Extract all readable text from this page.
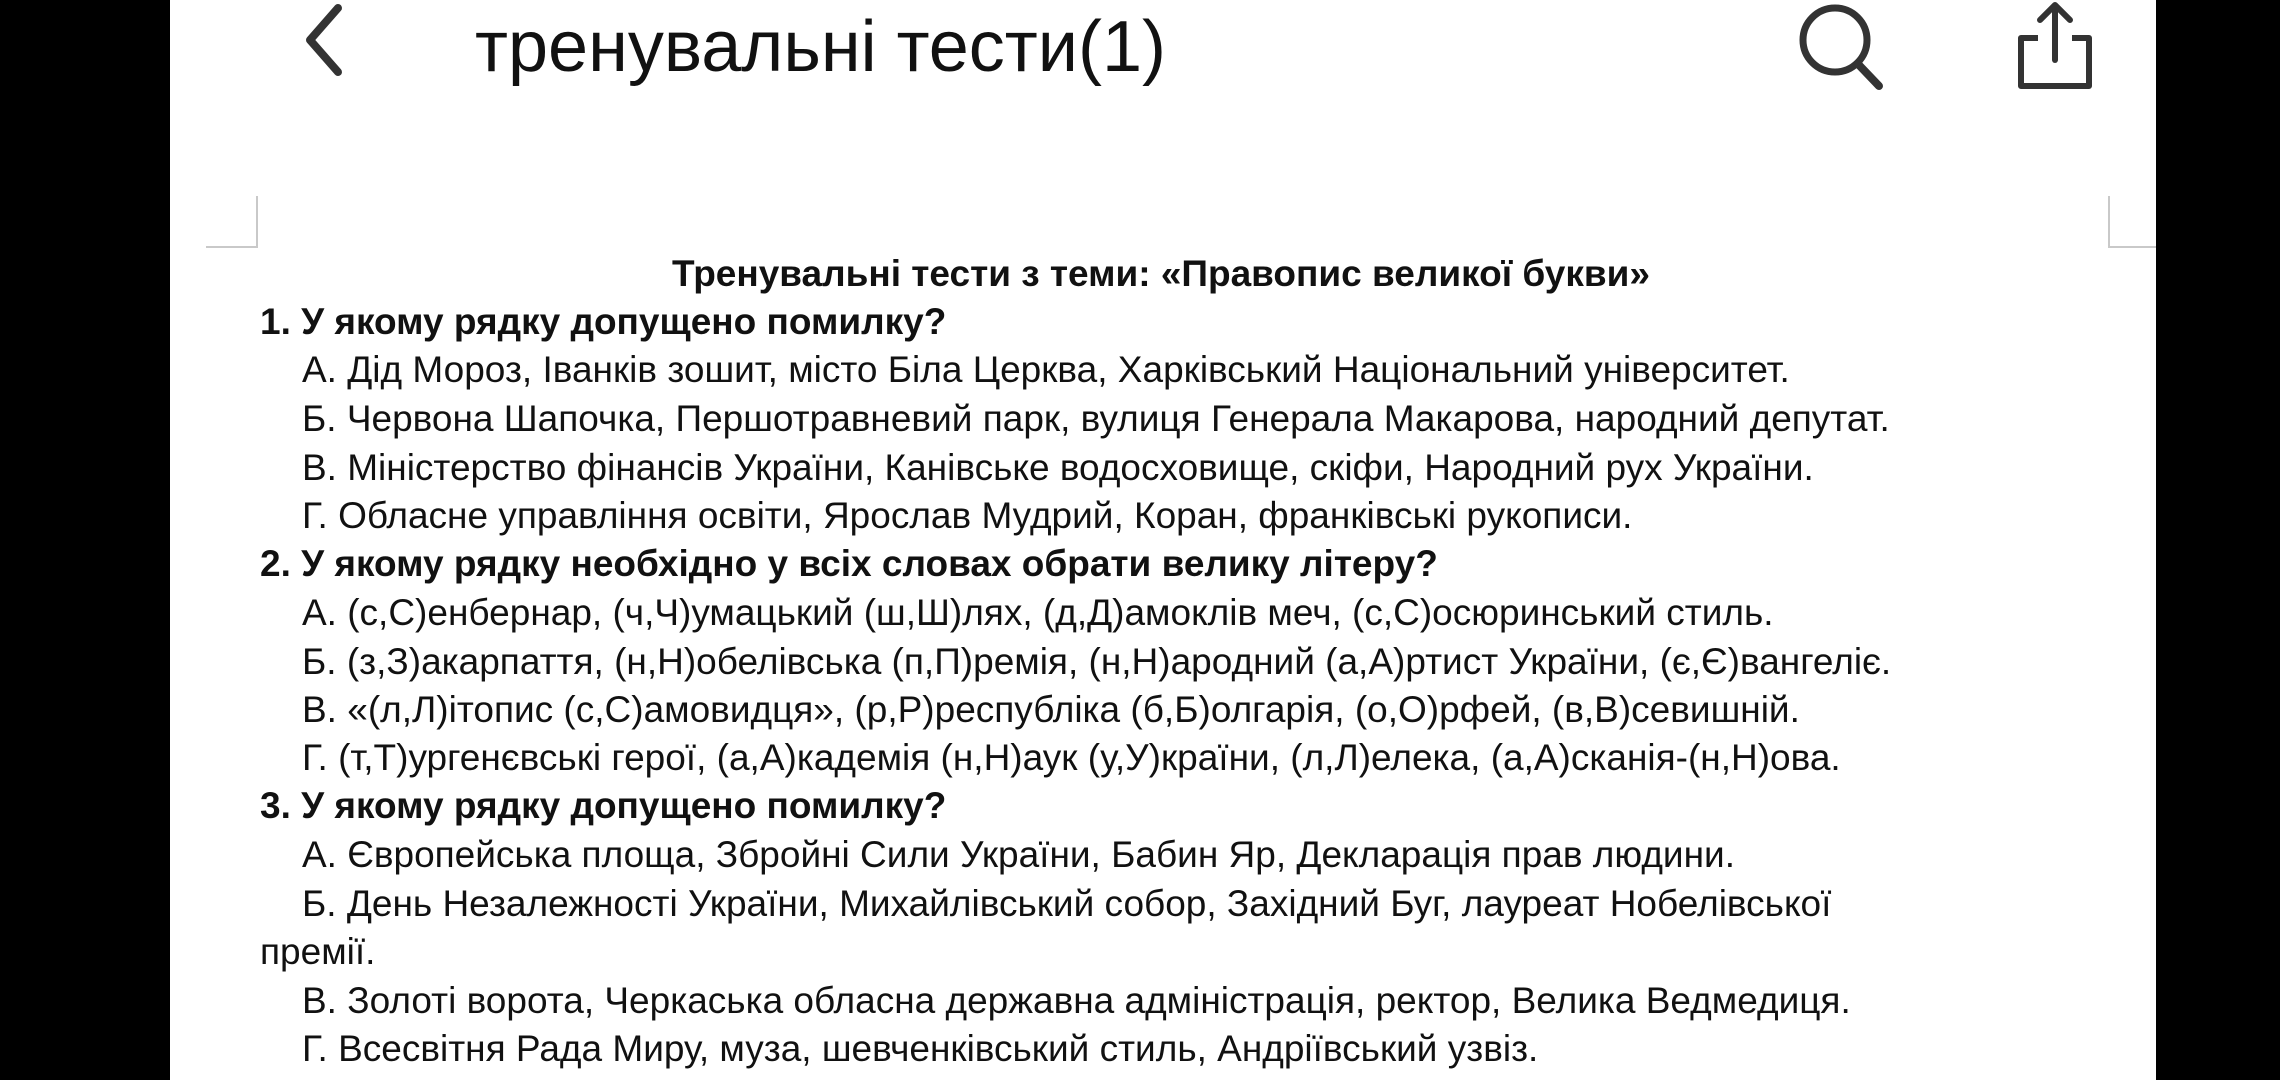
тренувальні тести(1)
Тренувальні тести з теми: «Правопис великої букви»
1. У якому рядку допущено помилку?
А. Дід Мороз, Іванків зошит, місто Біла Церква, Харківський Національний університет.
Б. Червона Шапочка, Першотравневий парк, вулиця Генерала Макарова, народний депутат.
В. Міністерство фінансів України, Канівське водосховище, скіфи, Народний рух України.
Г. Обласне управління освіти, Ярослав Мудрий, Коран, франківські рукописи.
2. У якому рядку необхідно у всіх словах обрати велику літеру?
А. (с,С)енбернар, (ч,Ч)умацький (ш,Ш)лях, (д,Д)амоклів меч, (с,С)осюринський стиль.
Б. (з,З)акарпаття, (н,Н)обелівська (п,П)ремія, (н,Н)ародний (а,А)ртист України, (є,Є)вангеліє.
В. «(л,Л)ітопис (с,С)амовидця», (р,Р)республіка (б,Б)олгарія, (о,О)рфей, (в,В)севишній.
Г. (т,Т)ургенєвські герої, (а,А)кадемія (н,Н)аук (у,У)країни, (л,Л)елека, (а,А)сканія-(н,Н)ова.
3. У якому рядку допущено помилку?
А. Європейська площа, Збройні Сили України, Бабин Яр, Декларація прав людини.
Б. День Незалежності України, Михайлівський собор, Західний Буг, лауреат Нобелівської
премії.
В. Золоті ворота, Черкаська обласна державна адміністрація, ректор, Велика Ведмедиця.
Г. Всесвітня Рада Миру, муза, шевченківський стиль, Андріївський узвіз.
